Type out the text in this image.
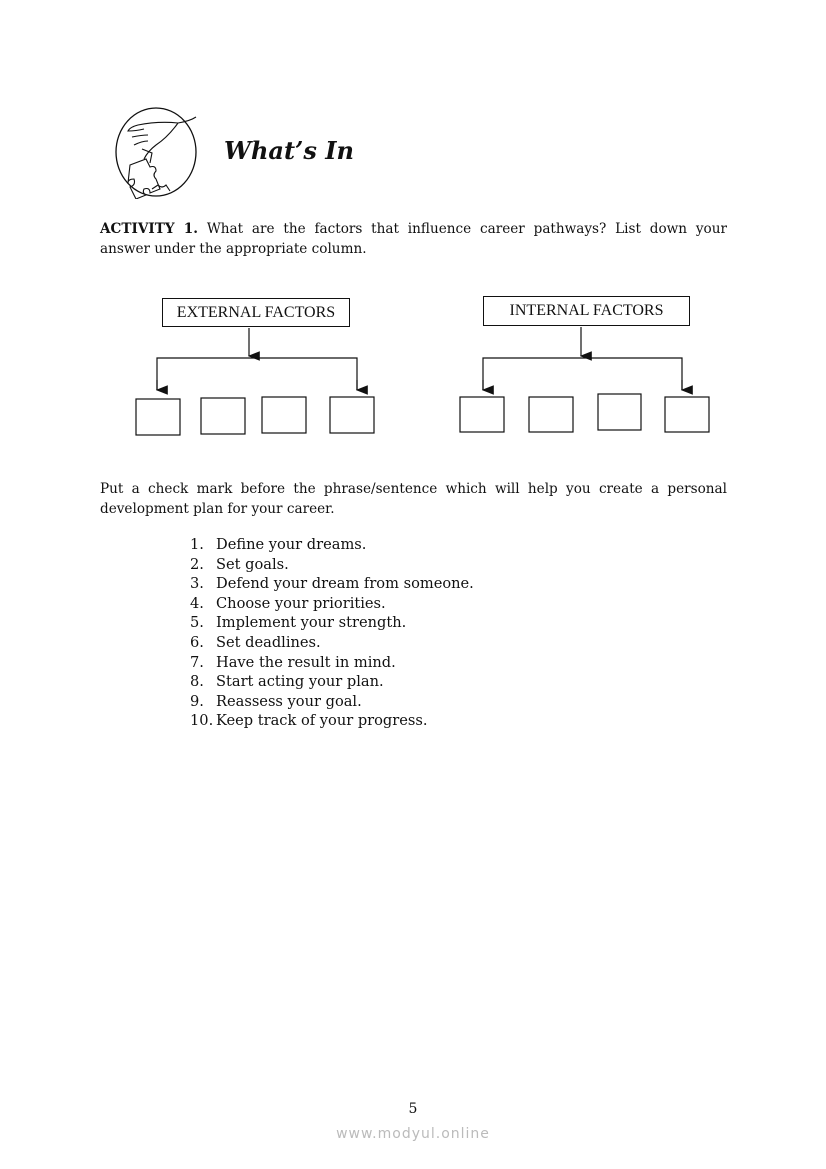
What’s In
ACTIVITY 1. What are the factors that influence career pathways? List down your answer under the appropriate column.
EXTERNAL FACTORS	INTERNAL FACTORS
Put a check mark before the phrase/sentence which will help you create a personal development plan for your career.
1. Define your dreams.
2. Set goals.
3. Defend your dream from someone.
4. Choose your priorities.
5. Implement your strength.
6. Set deadlines.
7. Have the result in mind.
8. Start acting your plan.
9. Reassess your goal.
10. Keep track of your progress.
5
www.modyul.online
